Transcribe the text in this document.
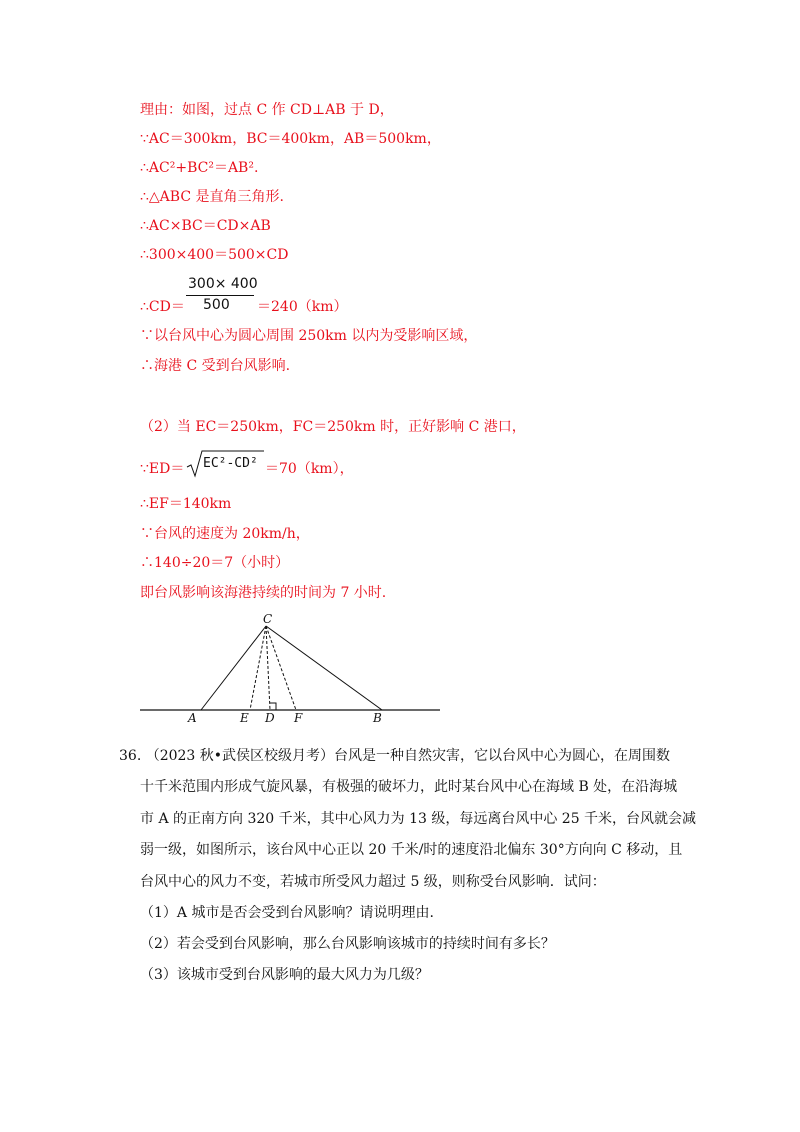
理由：如图，过点 C 作 CD⊥AB 于 D，
∵AC＝300km，BC＝400km，AB＝500km，
∴AC²+BC²＝AB².
∴△ABC 是直角三角形.
∴AC×BC＝CD×AB
∴300×400＝500×CD
∴CD＝
300× 400
500 ＝240（km）
∵以台风中心为圆心周围 250km 以内为受影响区域，
∴海港 C 受到台风影响.
（2）当 EC＝250km，FC＝250km 时，正好影响 C 港口，
∵ED＝ EC²-CD² ＝70（km），
∴EF＝140km
∵台风的速度为 20km/h，
∴140÷20＝7（小时）
即台风影响该海港持续的时间为 7 小时.
C
A	E D F	B
36. （2023 秋•武侯区校级月考）台风是一种自然灾害，它以台风中心为圆心，在周围数
十千米范围内形成气旋风暴，有极强的破坏力，此时某台风中心在海域 B 处，在沿海城
市 A 的正南方向 320 千米，其中心风力为 13 级，每远离台风中心 25 千米，台风就会减
弱一级，如图所示，该台风中心正以 20 千米/时的速度沿北偏东 30°方向向 C 移动，且
台风中心的风力不变，若城市所受风力超过 5 级，则称受台风影响．试问：
（1）A 城市是否会受到台风影响？请说明理由.
（2）若会受到台风影响，那么台风影响该城市的持续时间有多长？
（3）该城市受到台风影响的最大风力为几级？
